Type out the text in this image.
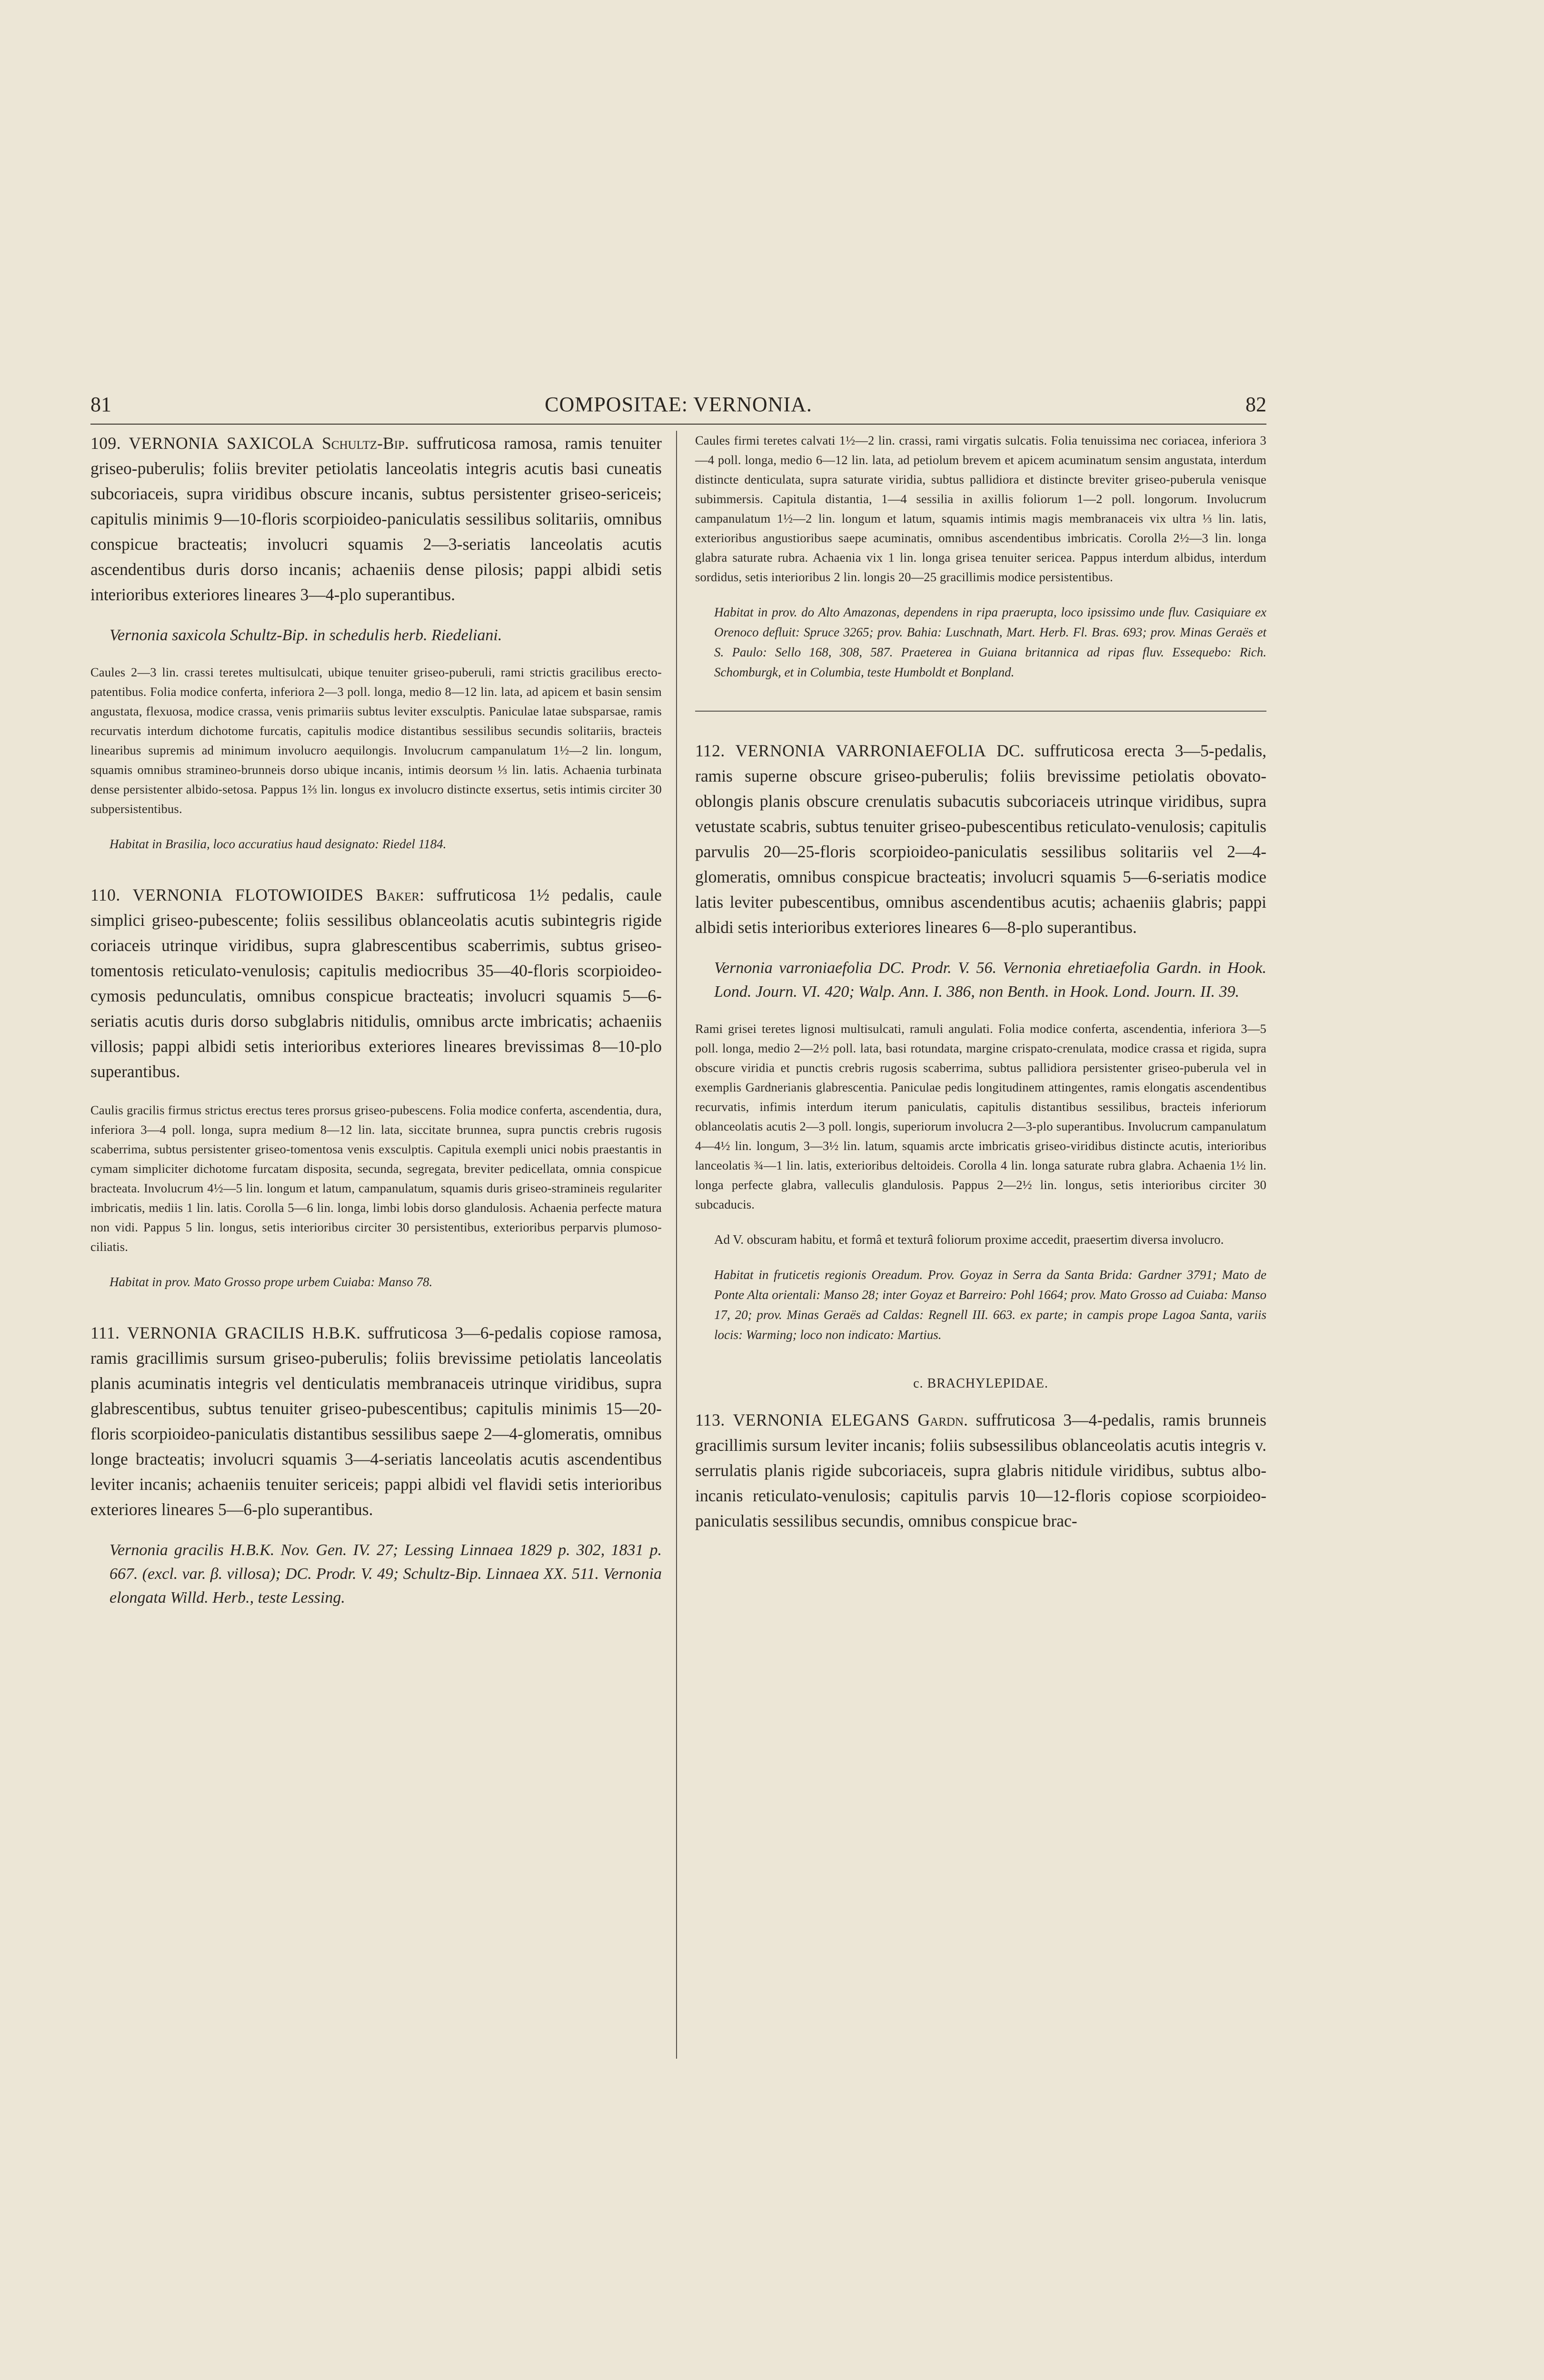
81	COMPOSITAE: VERNONIA.	82

109. VERNONIA SAXICOLA Schultz-Bip. suffruticosa ramosa, ramis tenuiter griseo-puberulis; foliis breviter petiolatis lanceolatis integris acutis basi cuneatis subcoriaceis, supra viridibus obscure incanis, subtus persistenter griseo-sericeis; capitulis minimis 9—10-floris scorpioideo-paniculatis sessilibus solitariis, omnibus conspicue bracteatis; involucri squamis 2—3-seriatis lanceolatis acutis ascendentibus duris dorso incanis; achaeniis dense pilosis; pappi albidi setis interioribus exteriores lineares 3—4-plo superantibus.

Vernonia saxicola Schultz-Bip. in schedulis herb. Riedeliani.

Caules 2—3 lin. crassi teretes multisulcati, ubique tenuiter griseo-puberuli, rami strictis gracilibus erecto-patentibus. Folia modice conferta, inferiora 2—3 poll. longa, medio 8—12 lin. lata, ad apicem et basin sensim angustata, flexuosa, modice crassa, venis primariis subtus leviter exsculptis. Paniculae latae subsparsae, ramis recurvatis interdum dichotome furcatis, capitulis modice distantibus sessilibus secundis solitariis, bracteis linearibus supremis ad minimum involucro aequilongis. Involucrum campanulatum 1½—2 lin. longum, squamis omnibus stramineo-brunneis dorso ubique incanis, intimis deorsum ⅓ lin. latis. Achaenia turbinata dense persistenter albido-setosa. Pappus 1⅔ lin. longus ex involucro distincte exsertus, setis intimis circiter 30 subpersistentibus.

Habitat in Brasilia, loco accuratius haud designato: Riedel 1184.

110. VERNONIA FLOTOWIOIDES Baker: suffruticosa 1½ pedalis, caule simplici griseo-pubescente; foliis sessilibus oblanceolatis acutis subintegris rigide coriaceis utrinque viridibus, supra glabrescentibus scaberrimis, subtus griseo-tomentosis reticulato-venulosis; capitulis mediocribus 35—40-floris scorpioideo-cymosis pedunculatis, omnibus conspicue bracteatis; involucri squamis 5—6-seriatis acutis duris dorso subglabris nitidulis, omnibus arcte imbricatis; achaeniis villosis; pappi albidi setis interioribus exteriores lineares brevissimas 8—10-plo superantibus.

Caulis gracilis firmus strictus erectus teres prorsus griseo-pubescens. Folia modice conferta, ascendentia, dura, inferiora 3—4 poll. longa, supra medium 8—12 lin. lata, siccitate brunnea, supra punctis crebris rugosis scaberrima, subtus persistenter griseo-tomentosa venis exsculptis. Capitula exempli unici nobis praestantis in cymam simpliciter dichotome furcatam disposita, secunda, segregata, breviter pedicellata, omnia conspicue bracteata. Involucrum 4½—5 lin. longum et latum, campanulatum, squamis duris griseo-stramineis regulariter imbricatis, mediis 1 lin. latis. Corolla 5—6 lin. longa, limbi lobis dorso glandulosis. Achaenia perfecte matura non vidi. Pappus 5 lin. longus, setis interioribus circiter 30 persistentibus, exterioribus perparvis plumoso-ciliatis.

Habitat in prov. Mato Grosso prope urbem Cuiaba: Manso 78.

111. VERNONIA GRACILIS H.B.K. suffruticosa 3—6-pedalis copiose ramosa, ramis gracillimis sursum griseo-puberulis; foliis brevissime petiolatis lanceolatis planis acuminatis integris vel denticulatis membranaceis utrinque viridibus, supra glabrescentibus, subtus tenuiter griseo-pubescentibus; capitulis minimis 15—20-floris scorpioideo-paniculatis distantibus sessilibus saepe 2—4-glomeratis, omnibus longe bracteatis; involucri squamis 3—4-seriatis lanceolatis acutis ascendentibus leviter incanis; achaeniis tenuiter sericeis; pappi albidi vel flavidi setis interioribus exteriores lineares 5—6-plo superantibus.

Vernonia gracilis H.B.K. Nov. Gen. IV. 27; Lessing Linnaea 1829 p. 302, 1831 p. 667. (excl. var. β. villosa); DC. Prodr. V. 49; Schultz-Bip. Linnaea XX. 511. Vernonia elongata Willd. Herb., teste Lessing.

Caules firmi teretes calvati 1½—2 lin. crassi, rami virgatis sulcatis. Folia tenuissima nec coriacea, inferiora 3—4 poll. longa, medio 6—12 lin. lata, ad petiolum brevem et apicem acuminatum sensim angustata, interdum distincte denticulata, supra saturate viridia, subtus pallidiora et distincte breviter griseo-puberula venisque subimmersis. Capitula distantia, 1—4 sessilia in axillis foliorum 1—2 poll. longorum. Involucrum campanulatum 1½—2 lin. longum et latum, squamis intimis magis membranaceis vix ultra ⅓ lin. latis, exterioribus angustioribus saepe acuminatis, omnibus ascendentibus imbricatis. Corolla 2½—3 lin. longa glabra saturate rubra. Achaenia vix 1 lin. longa grisea tenuiter sericea. Pappus interdum albidus, interdum sordidus, setis interioribus 2 lin. longis 20—25 gracillimis modice persistentibus.

Habitat in prov. do Alto Amazonas, dependens in ripa praerupta, loco ipsissimo unde fluv. Casiquiare ex Orenoco defluit: Spruce 3265; prov. Bahia: Luschnath, Mart. Herb. Fl. Bras. 693; prov. Minas Geraës et S. Paulo: Sello 168, 308, 587. Praeterea in Guiana britannica ad ripas fluv. Essequebo: Rich. Schomburgk, et in Columbia, teste Humboldt et Bonpland.

112. VERNONIA VARRONIAEFOLIA DC. suffruticosa erecta 3—5-pedalis, ramis superne obscure griseo-puberulis; foliis brevissime petiolatis obovato-oblongis planis obscure crenulatis subacutis subcoriaceis utrinque viridibus, supra vetustate scabris, subtus tenuiter griseo-pubescentibus reticulato-venulosis; capitulis parvulis 20—25-floris scorpioideo-paniculatis sessilibus solitariis vel 2—4-glomeratis, omnibus conspicue bracteatis; involucri squamis 5—6-seriatis modice latis leviter pubescentibus, omnibus ascendentibus acutis; achaeniis glabris; pappi albidi setis interioribus exteriores lineares 6—8-plo superantibus.

Vernonia varroniaefolia DC. Prodr. V. 56. Vernonia ehretiaefolia Gardn. in Hook. Lond. Journ. VI. 420; Walp. Ann. I. 386, non Benth. in Hook. Lond. Journ. II. 39.

Rami grisei teretes lignosi multisulcati, ramuli angulati. Folia modice conferta, ascendentia, inferiora 3—5 poll. longa, medio 2—2½ poll. lata, basi rotundata, margine crispato-crenulata, modice crassa et rigida, supra obscure viridia et punctis crebris rugosis scaberrima, subtus pallidiora persistenter griseo-puberula vel in exemplis Gardnerianis glabrescentia. Paniculae pedis longitudinem attingentes, ramis elongatis ascendentibus recurvatis, infimis interdum iterum paniculatis, capitulis distantibus sessilibus, bracteis inferiorum oblanceolatis acutis 2—3 poll. longis, superiorum involucra 2—3-plo superantibus. Involucrum campanulatum 4—4½ lin. longum, 3—3½ lin. latum, squamis arcte imbricatis griseo-viridibus distincte acutis, interioribus lanceolatis ¾—1 lin. latis, exterioribus deltoideis. Corolla 4 lin. longa saturate rubra glabra. Achaenia 1½ lin. longa perfecte glabra, valleculis glandulosis. Pappus 2—2½ lin. longus, setis interioribus circiter 30 subcaducis.

Ad V. obscuram habitu, et formâ et texturâ foliorum proxime accedit, praesertim diversa involucro.

Habitat in fruticetis regionis Oreadum. Prov. Goyaz in Serra da Santa Brida: Gardner 3791; Mato de Ponte Alta orientali: Manso 28; inter Goyaz et Barreiro: Pohl 1664; prov. Mato Grosso ad Cuiaba: Manso 17, 20; prov. Minas Geraës ad Caldas: Regnell III. 663. ex parte; in campis prope Lagoa Santa, variis locis: Warming; loco non indicato: Martius.

c. BRACHYLEPIDAE.

113. VERNONIA ELEGANS Gardn. suffruticosa 3—4-pedalis, ramis brunneis gracillimis sursum leviter incanis; foliis subsessilibus oblanceolatis acutis integris v. serrulatis planis rigide subcoriaceis, supra glabris nitidule viridibus, subtus albo-incanis reticulato-venulosis; capitulis parvis 10—12-floris copiose scorpioideo-paniculatis sessilibus secundis, omnibus conspicue brac-
